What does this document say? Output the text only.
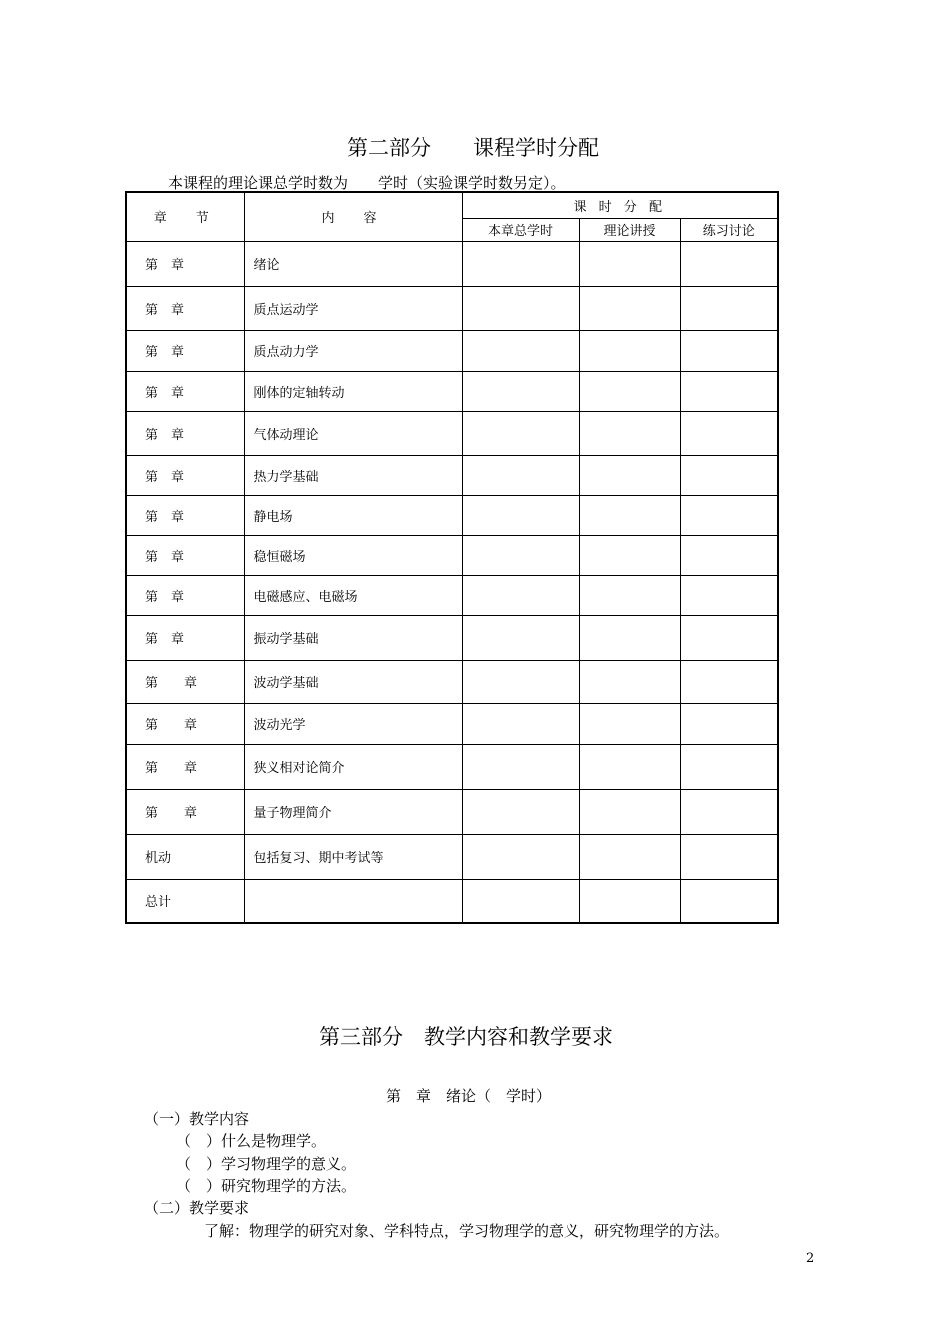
第二部分　　课程学时分配
本课程的理论课总学时数为　　学时（实验课学时数另定）。
章　节	内　容	课 时 分 配		
		本章总学时	理论讲授	练习讨论
第　章	绪论			
第　章	质点运动学			
第　章	质点动力学			
第　章	刚体的定轴转动			
第　章	气体动理论			
第　章	热力学基础			
第　章	静电场			
第　章	稳恒磁场			
第　章	电磁感应、电磁场			
第　章	振动学基础			
第　　章	波动学基础			
第　　章	波动光学			
第　　章	狭义相对论简介			
第　　章	量子物理简介			
机动	包括复习、期中考试等			
总计				
第三部分　教学内容和教学要求
第　章　绪论（　学时）
（一）教学内容
（　）什么是物理学。
（　）学习物理学的意义。
（　）研究物理学的方法。
（二）教学要求
了解：物理学的研究对象、学科特点，学习物理学的意义，研究物理学的方法。
2
